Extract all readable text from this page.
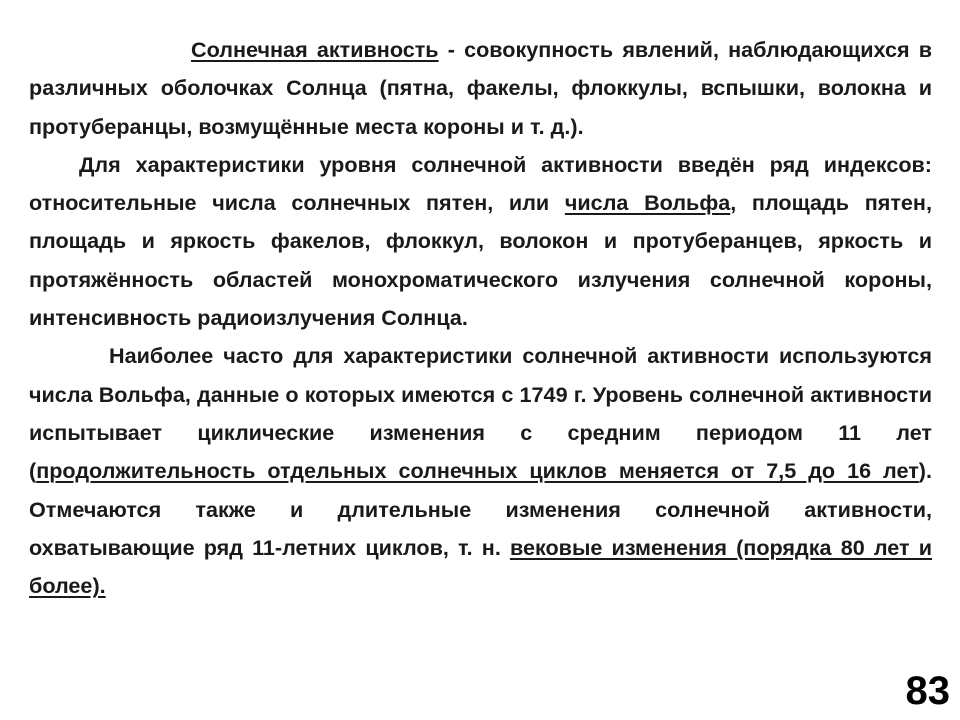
Солнечная активность - совокупность явлений, наблюдающихся в различных оболочках Солнца (пятна, факелы, флоккулы, вспышки, волокна и протуберанцы, возмущённые места короны и т. д.).

Для характеристики уровня солнечной активности введён ряд индексов: относительные числа солнечных пятен, или числа Вольфа, площадь пятен, площадь и яркость факелов, флоккул, волокон и протуберанцев, яркость и протяжённость областей монохроматического излучения солнечной короны, интенсивность радиоизлучения Солнца.

Наиболее часто для характеристики солнечной активности используются числа Вольфа, данные о которых имеются с 1749 г. Уровень солнечной активности испытывает циклические изменения с средним периодом 11 лет (продолжительность отдельных солнечных циклов меняется от 7,5 до 16 лет). Отмечаются также и длительные изменения солнечной активности, охватывающие ряд 11-летних циклов, т. н. вековые изменения (порядка 80 лет и более).

83
